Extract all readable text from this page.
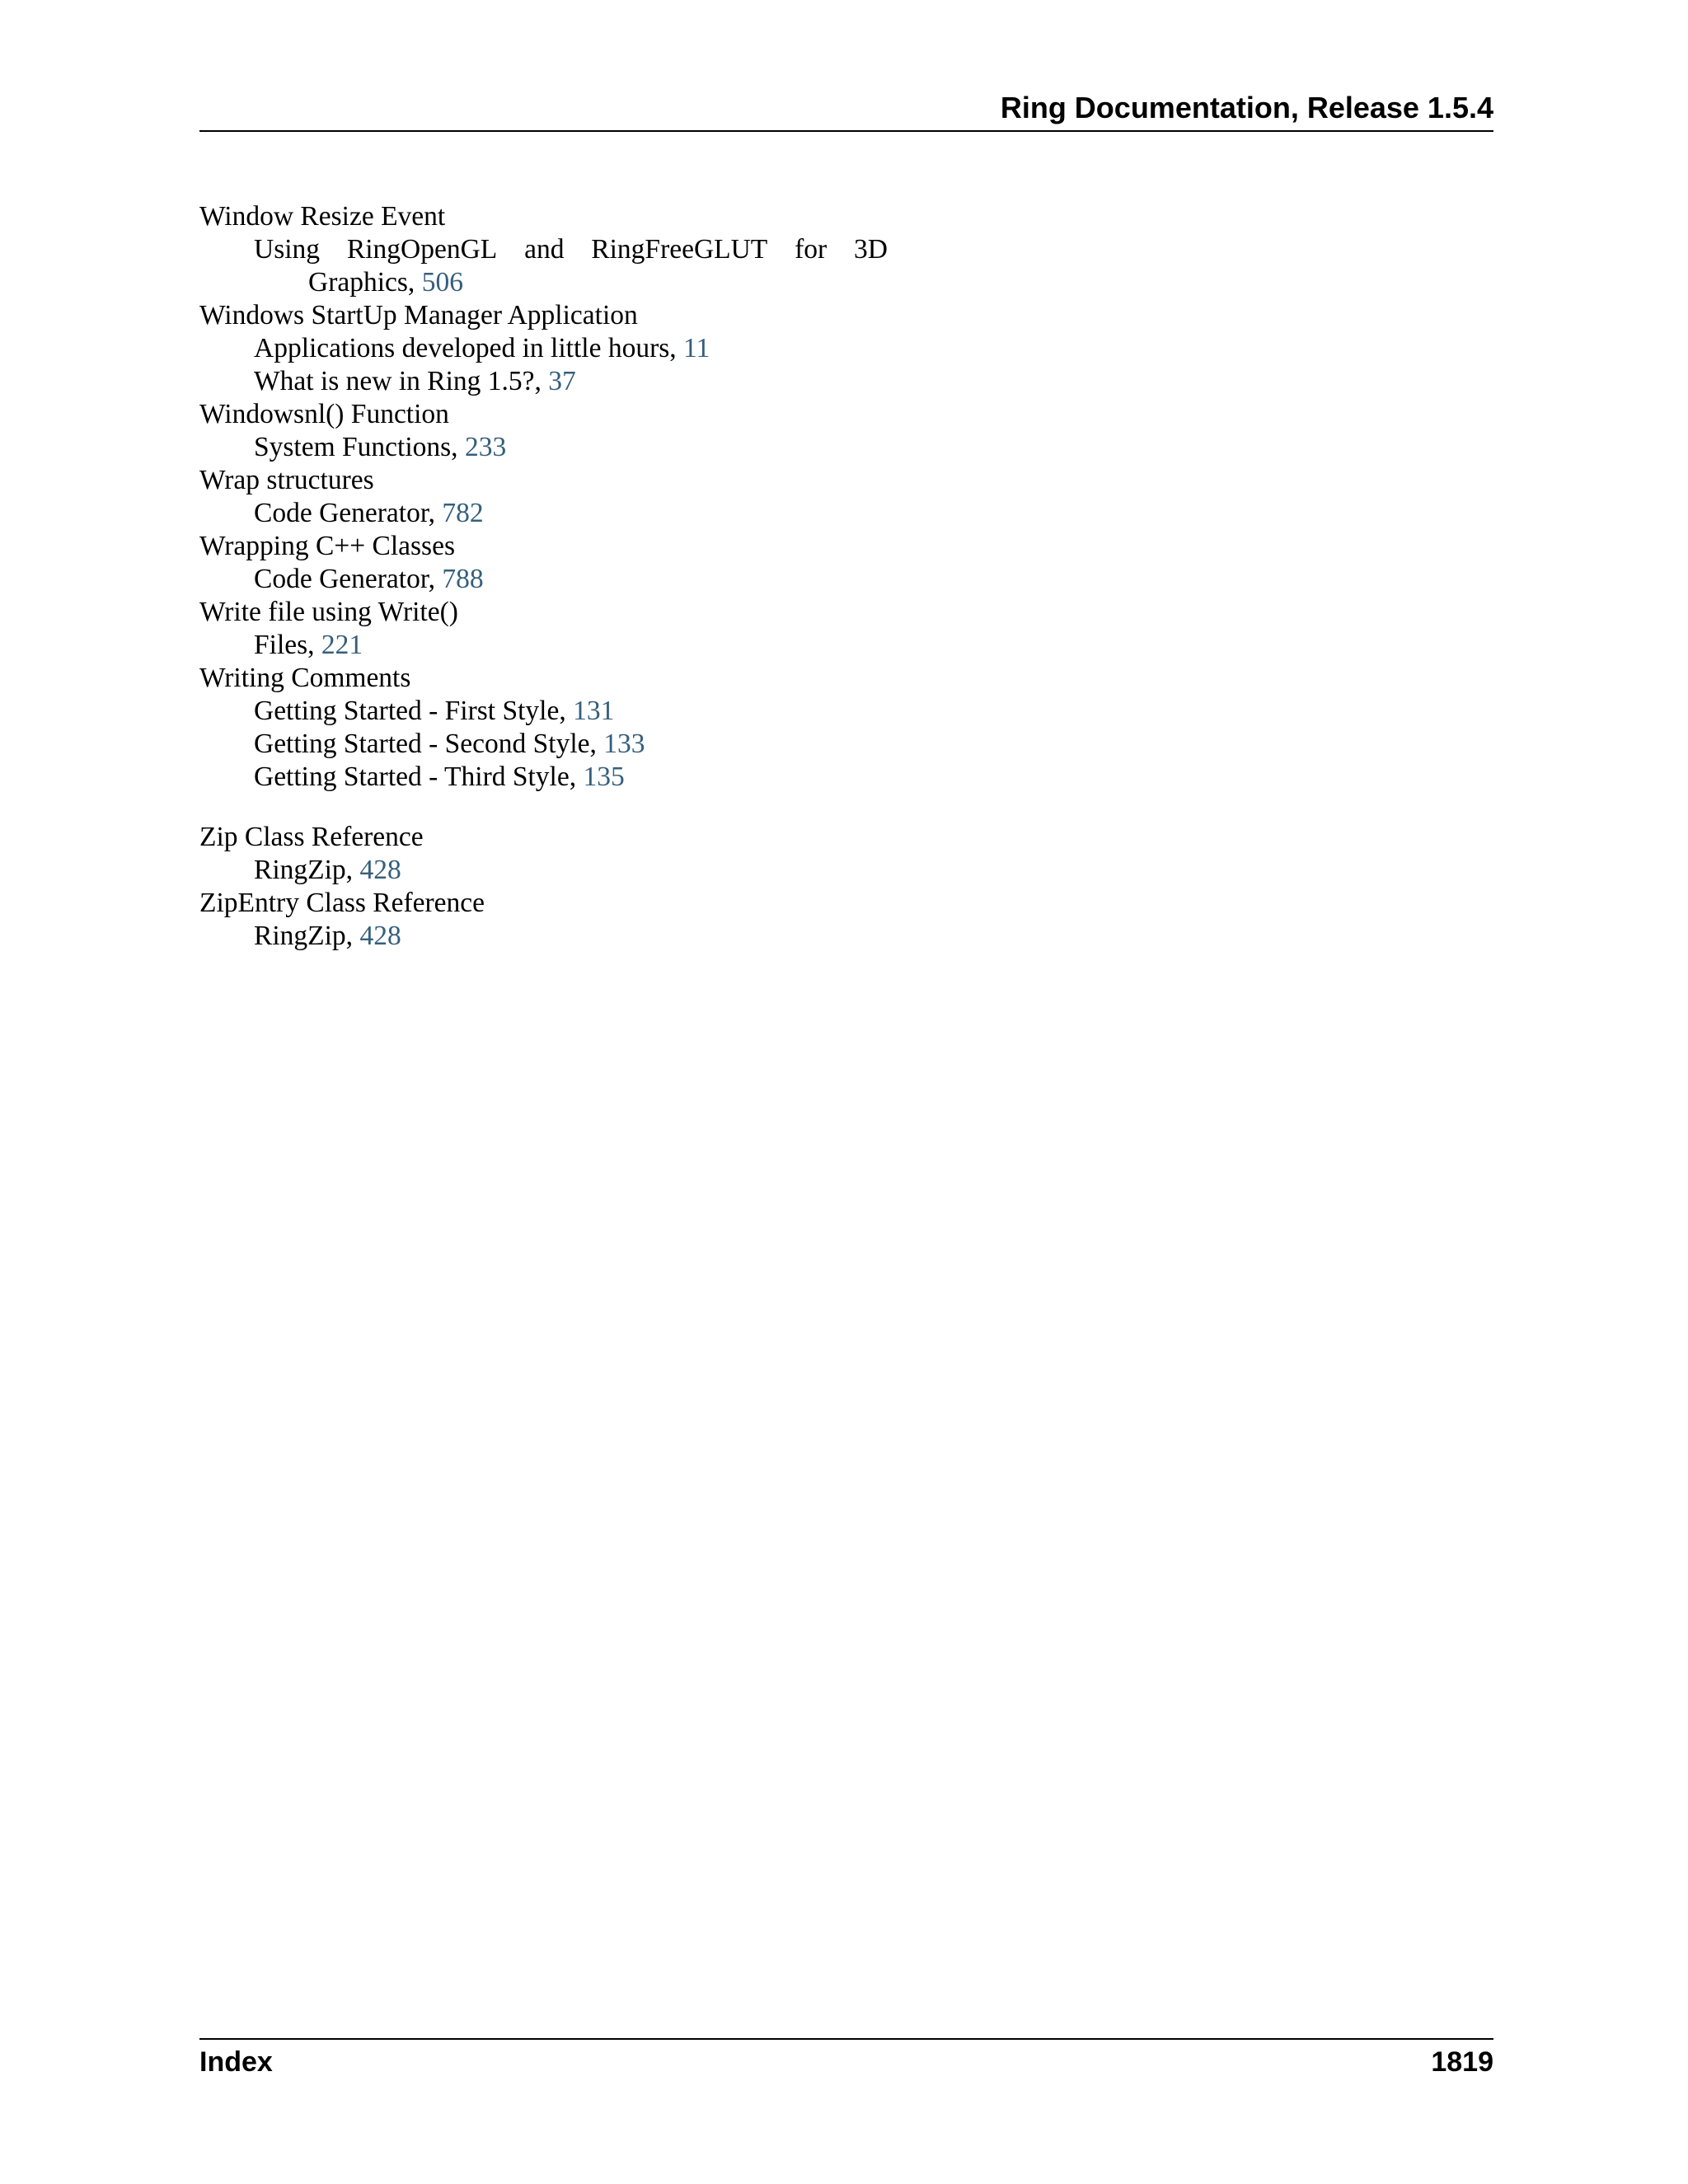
Ring Documentation, Release 1.5.4
Window Resize Event
Using RingOpenGL and RingFreeGLUT for 3D
Graphics, 506
Windows StartUp Manager Application
Applications developed in little hours, 11
What is new in Ring 1.5?, 37
Windowsnl() Function
System Functions, 233
Wrap structures
Code Generator, 782
Wrapping C++ Classes
Code Generator, 788
Write file using Write()
Files, 221
Writing Comments
Getting Started - First Style, 131
Getting Started - Second Style, 133
Getting Started - Third Style, 135
Zip Class Reference
RingZip, 428
ZipEntry Class Reference
RingZip, 428
Index	1819
